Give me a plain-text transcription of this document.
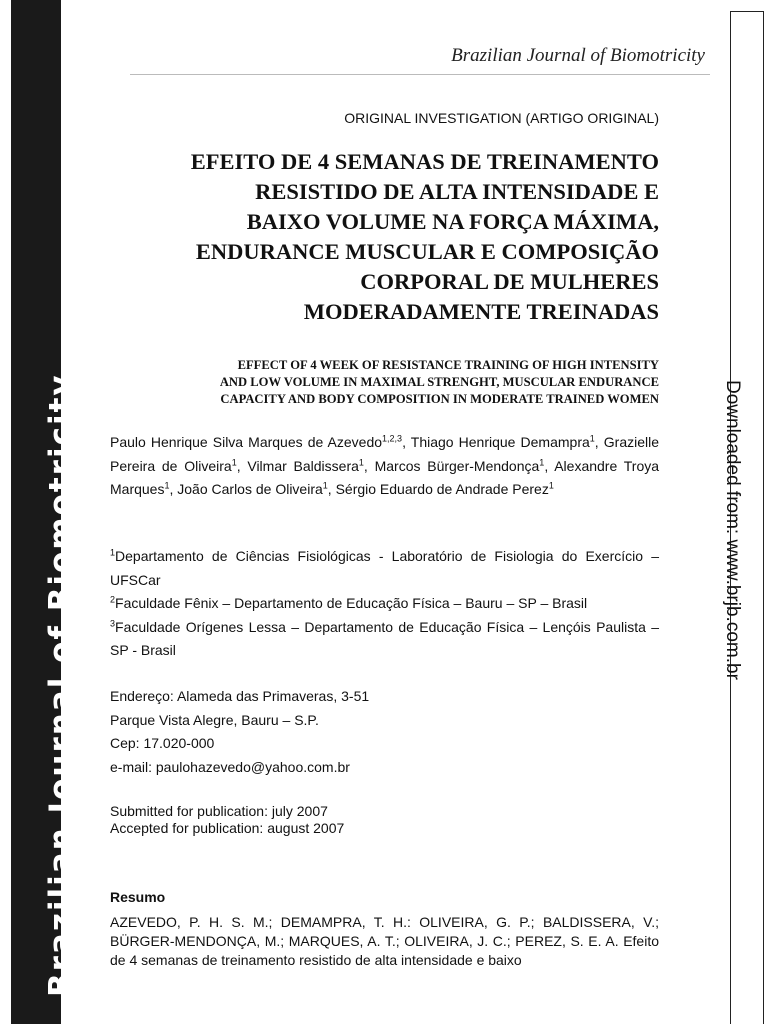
Brazilian Journal of Biomotricity	Downloaded from: www.brjb.com.br
Brazilian Journal of Biomotricity
ORIGINAL INVESTIGATION (ARTIGO ORIGINAL)
EFEITO DE 4 SEMANAS DE TREINAMENTO
RESISTIDO DE ALTA INTENSIDADE E
BAIXO VOLUME NA FORÇA MÁXIMA,
ENDURANCE MUSCULAR E COMPOSIÇÃO
CORPORAL DE MULHERES
MODERADAMENTE TREINADAS
EFFECT OF 4 WEEK OF RESISTANCE TRAINING OF HIGH INTENSITY
AND LOW VOLUME IN MAXIMAL STRENGHT, MUSCULAR ENDURANCE
CAPACITY AND BODY COMPOSITION IN MODERATE TRAINED WOMEN

Paulo Henrique Silva Marques de Azevedo$^{1,2,3}$, Thiago Henrique Demampra$^1$, Grazielle Pereira de Oliveira$^1$, Vilmar Baldissera$^1$, Marcos Bürger-Mendonça$^1$, Alexandre Troya Marques$^1$, João Carlos de Oliveira$^1$, Sérgio Eduardo de Andrade Perez$^1$

$^1$Departamento de Ciências Fisiológicas - Laboratório de Fisiologia do Exercício – UFSCar

$^2$Faculdade Fênix – Departamento de Educação Física – Bauru – SP – Brasil

$^3$Faculdade Orígenes Lessa – Departamento de Educação Física – Lençóis Paulista – SP - Brasil

Endereço: Alameda das Primaveras, 3-51
Parque Vista Alegre, Bauru – S.P.
Cep: 17.020-000
e-mail: paulohazevedo@yahoo.com.br
Submitted for publication: july 2007
Accepted for publication: august 2007
Resumo

AZEVEDO, P. H. S. M.; DEMAMPRA, T. H.: OLIVEIRA, G. P.; BALDISSERA, V.; BÜRGER-MENDONÇA, M.; MARQUES, A. T.; OLIVEIRA, J. C.; PEREZ, S. E. A. Efeito de 4 semanas de treinamento resistido de alta intensidade e baixo
